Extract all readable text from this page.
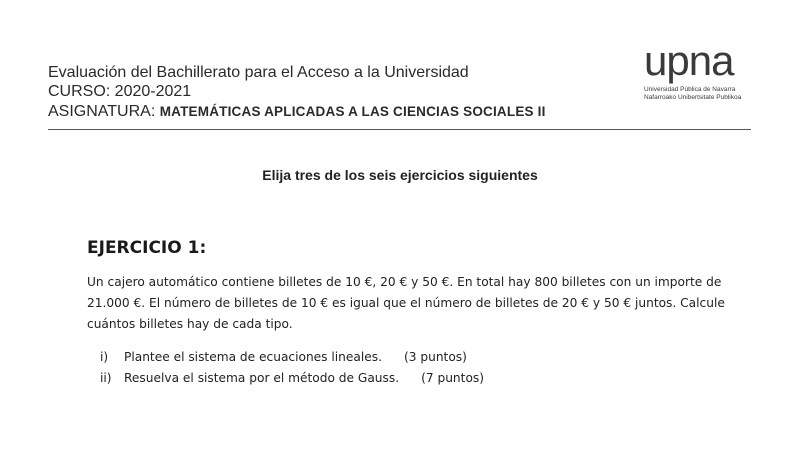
Evaluación del Bachillerato para el Acceso a la Universidad
CURSO: 2020-2021
ASIGNATURA: MATEMÁTICAS APLICADAS A LAS CIENCIAS SOCIALES II
upna
Universidad Pública de Navarra
Nafarroako Unibertsitate Publikoa
Elija tres de los seis ejercicios siguientes
EJERCICIO 1:
Un cajero automático contiene billetes de 10 €, 20 € y 50 €. En total hay 800 billetes con un importe de
21.000 €. El número de billetes de 10 € es igual que el número de billetes de 20 € y 50 € juntos. Calcule
cuántos billetes hay de cada tipo.
i)	Plantee el sistema de ecuaciones lineales. (3 puntos)
ii)	Resuelva el sistema por el método de Gauss. (7 puntos)
